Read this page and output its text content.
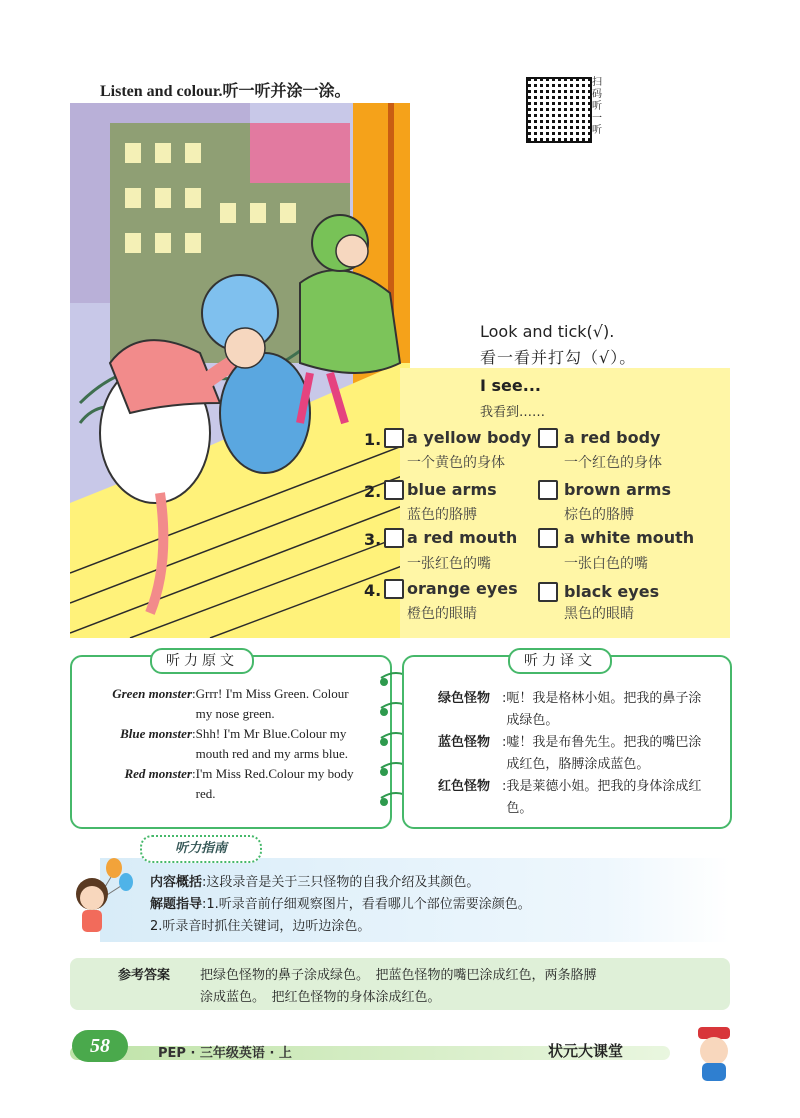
Listen and colour.听一听并涂一涂。
扫码听一听
Look and tick(√).
看一看并打勾（√）。
I see...
我看到……
1. a yellow body a red body
一个黄色的身体	一个红色的身体
2. blue arms	brown arms
蓝色的胳膊	棕色的胳膊
3. a red mouth	a white mouth
一张红色的嘴	一张白色的嘴
4. orange eyes	black eyes
橙色的眼睛	黑色的眼睛
听力原文
Green monster : Grrr! I'm Miss Green. Colour my nose green.
Blue monster : Shh! I'm Mr Blue.Colour my mouth red and my arms blue.
Red monster : I'm Miss Red.Colour my body red.
听力译文
绿色怪物 : 呃！我是格林小姐。把我的鼻子涂成绿色。
蓝色怪物 : 嘘！我是布鲁先生。把我的嘴巴涂成红色，胳膊涂成蓝色。
红色怪物 : 我是莱德小姐。把我的身体涂成红色。
听力指南
内容概括:这段录音是关于三只怪物的自我介绍及其颜色。
解题指导:1.听录音前仔细观察图片，看看哪儿个部位需要涂颜色。
2.听录音时抓住关键词，边听边涂色。
参考答案 把绿色怪物的鼻子涂成绿色。　把蓝色怪物的嘴巴涂成红色，两条胳膊
涂成蓝色。　把红色怪物的身体涂成红色。
58	PEP · 三年级英语 · 上	状元大课堂
